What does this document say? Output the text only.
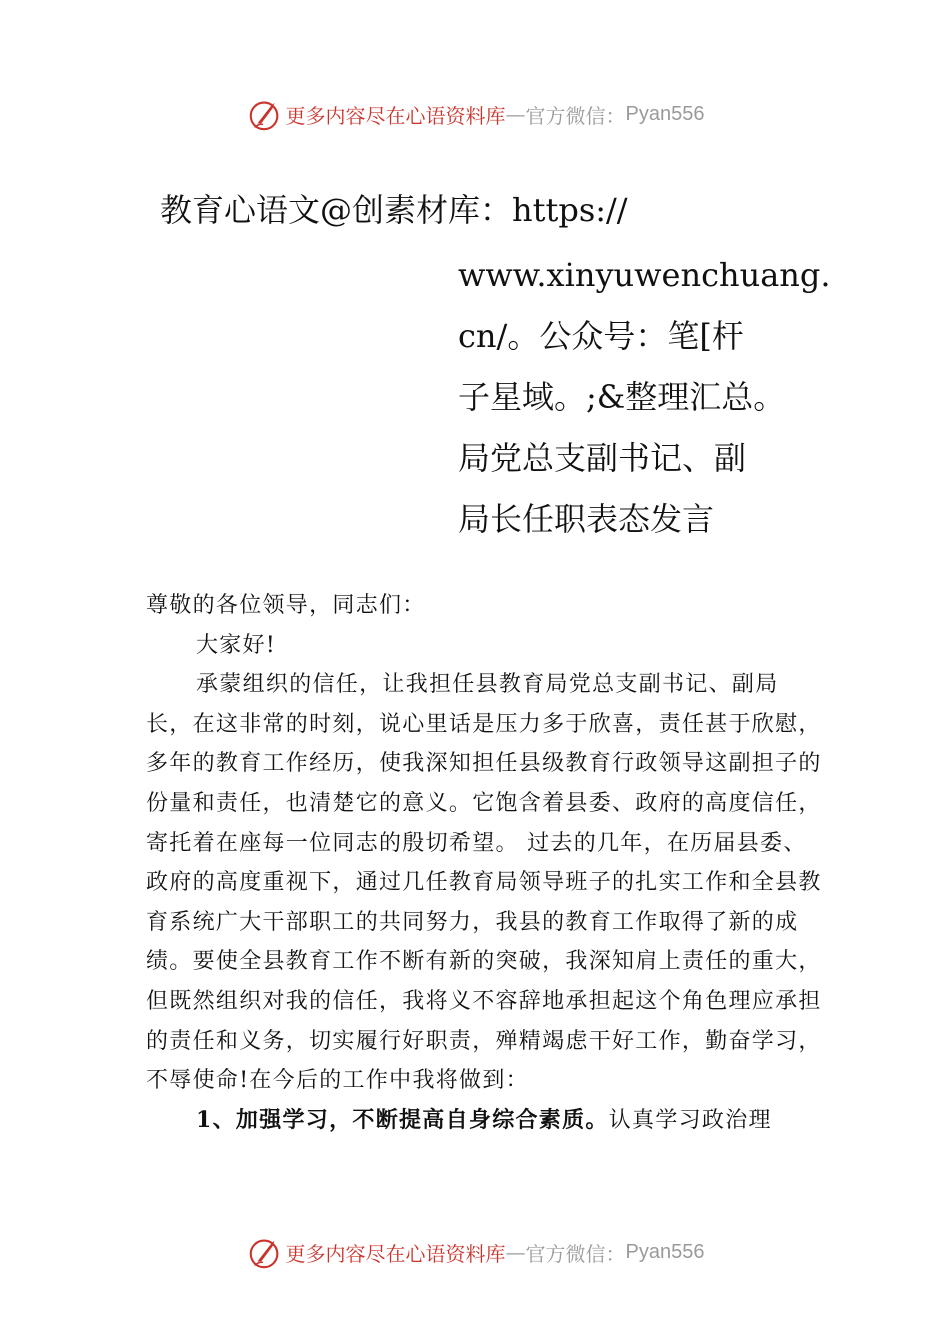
更多内容尽在心语资料库 — 官方微信： Pyan556
教育心语文@创素材库：https://
www.xinyuwenchuang.
cn/。公众号：笔[杆
子星域。;&整理汇总。
局党总支副书记、副
局长任职表态发言

尊敬的各位领导，同志们：

大家好!

承蒙组织的信任，让我担任县教育局党总支副书记、副局长，在这非常的时刻，说心里话是压力多于欣喜，责任甚于欣慰，多年的教育工作经历，使我深知担任县级教育行政领导这副担子的份量和责任，也清楚它的意义。它饱含着县委、政府的高度信任，寄托着在座每一位同志的殷切希望。 过去的几年，在历届县委、政府的高度重视下，通过几任教育局领导班子的扎实工作和全县教育系统广大干部职工的共同努力，我县的教育工作取得了新的成绩。要使全县教育工作不断有新的突破，我深知肩上责任的重大，但既然组织对我的信任，我将义不容辞地承担起这个角色理应承担的责任和义务，切实履行好职责，殚精竭虑干好工作，勤奋学习， 不辱使命!在今后的工作中我将做到：

1、加强学习，不断提高自身综合素质。认真学习政治理

更多内容尽在心语资料库 — 官方微信： Pyan556
